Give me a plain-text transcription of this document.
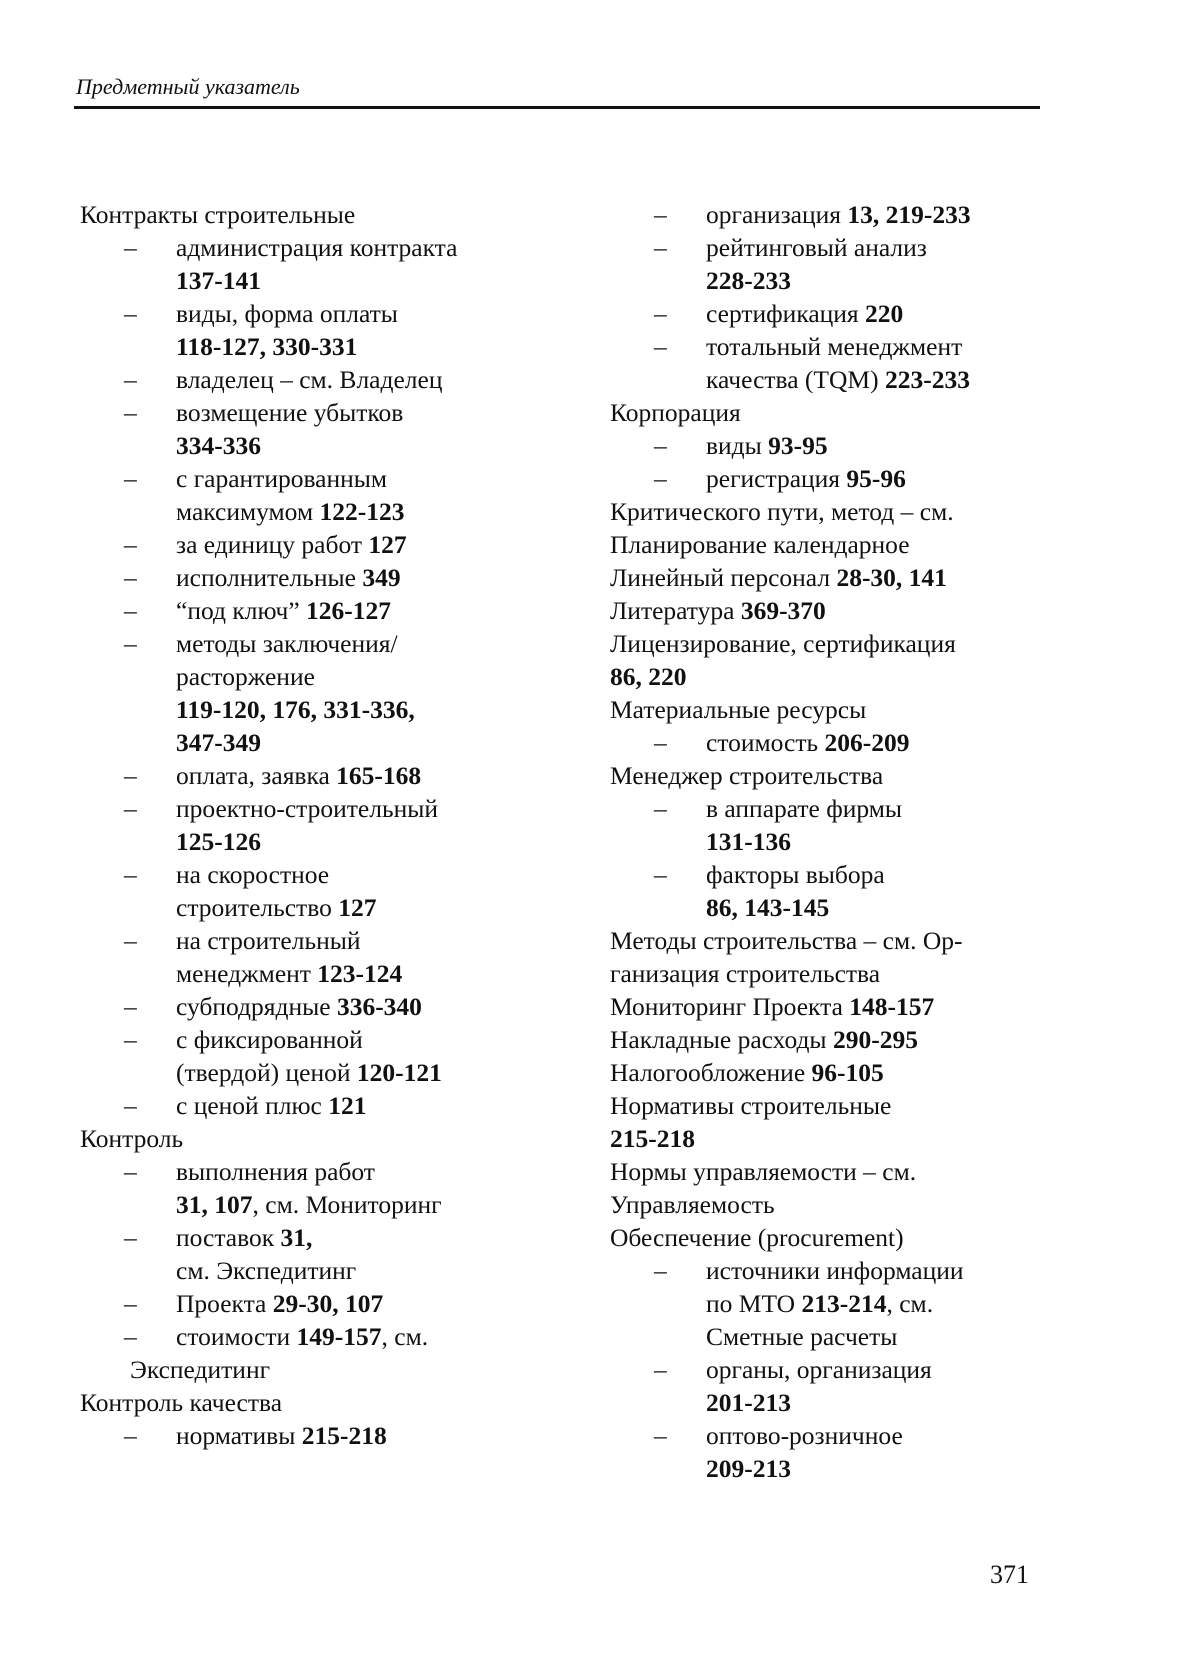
Предметный указатель
Контракты строительные
– администрация контракта
137-141
– виды, форма оплаты
118-127, 330-331
– владелец – см. Владелец
– возмещение убытков
334-336
– с гарантированным
максимумом 122-123
– за единицу работ 127
– исполнительные 349
– “под ключ” 126-127
– методы заключения/
расторжение
119-120, 176, 331-336,
347-349
– оплата, заявка 165-168
– проектно-строительный
125-126
– на скоростное
строительство 127
– на строительный
менеджмент 123-124
– субподрядные 336-340
– с фиксированной
(твердой) ценой 120-121
– с ценой плюс 121
Контроль
– выполнения работ
31, 107, см. Мониторинг
– поставок 31,
см. Экспедитинг
– Проекта 29-30, 107
– стоимости 149-157, см.
Экспедитинг
Контроль качества
– нормативы 215-218
– организация 13, 219-233
– рейтинговый анализ
228-233
– сертификация 220
– тотальный менеджмент
качества (TQM) 223-233
Корпорация
– виды 93-95
– регистрация 95-96
Критического пути, метод – см.
Планирование календарное
Линейный персонал 28-30, 141
Литература 369-370
Лицензирование, сертификация
86, 220
Материальные ресурсы
– стоимость 206-209
Менеджер строительства
– в аппарате фирмы
131-136
– факторы выбора
86, 143-145
Методы строительства – см. Ор-
ганизация строительства
Мониторинг Проекта 148-157
Накладные расходы 290-295
Налогообложение 96-105
Нормативы строительные
215-218
Нормы управляемости – см.
Управляемость
Обеспечение (procurement)
– источники информации
по МТО 213-214, см.
Сметные расчеты
– органы, организация
201-213
– оптово-розничное
209-213
371
